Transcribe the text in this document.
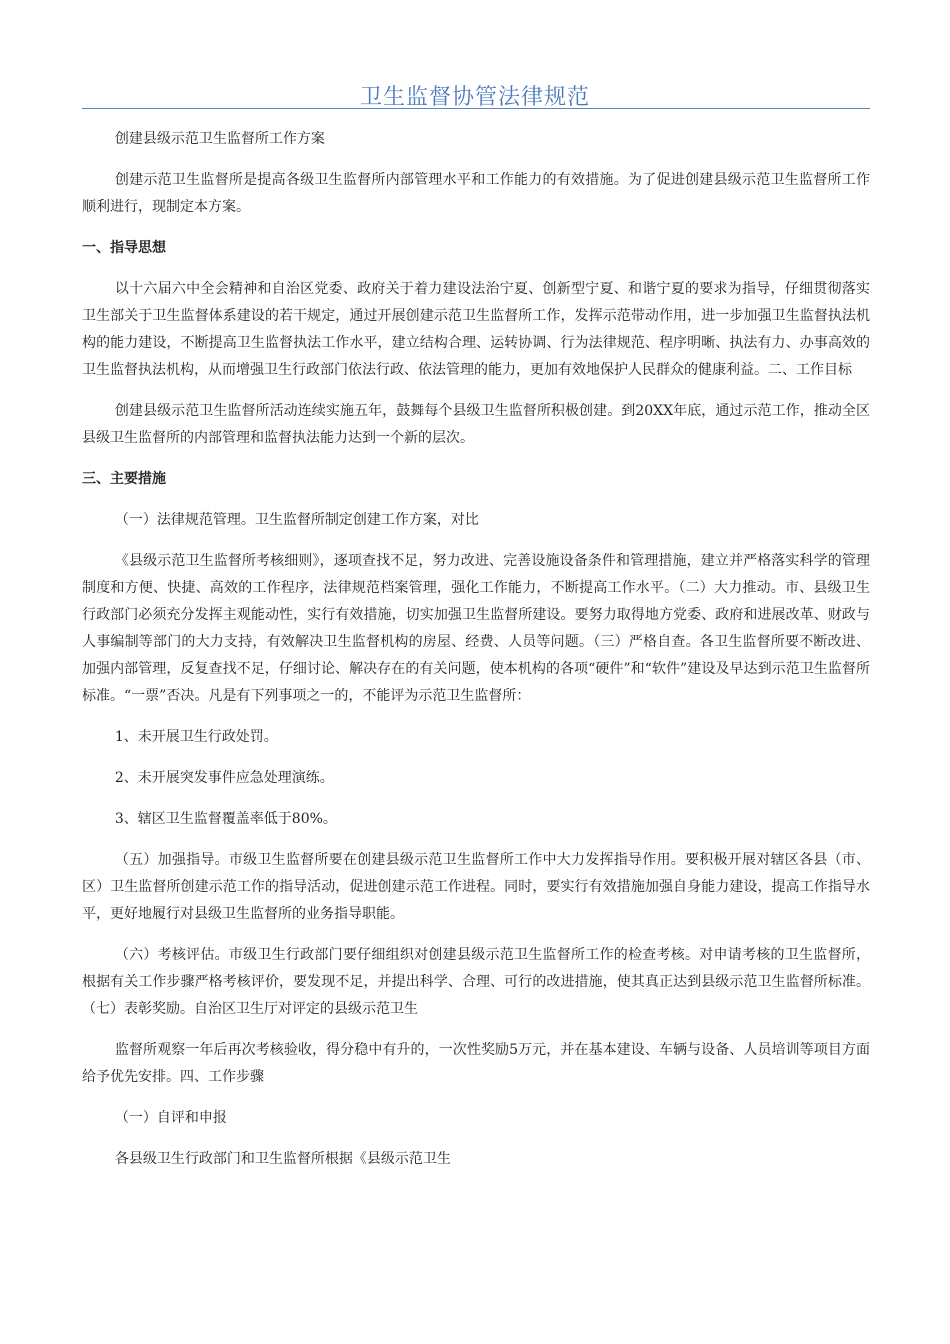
卫生监督协管法律规范

创建县级示范卫生监督所工作方案

创建示范卫生监督所是提高各级卫生监督所内部管理水平和工作能力的有效措施。为了促进创建县级示范卫生监督所工作顺利进行，现制定本方案。

一、指导思想

以十六届六中全会精神和自治区党委、政府关于着力建设法治宁夏、创新型宁夏、和谐宁夏的要求为指导，仔细贯彻落实卫生部关于卫生监督体系建设的若干规定，通过开展创建示范卫生监督所工作，发挥示范带动作用，进一步加强卫生监督执法机构的能力建设，不断提高卫生监督执法工作水平，建立结构合理、运转协调、行为法律规范、程序明晰、执法有力、办事高效的卫生监督执法机构，从而增强卫生行政部门依法行政、依法管理的能力，更加有效地保护人民群众的健康利益。二、工作目标

创建县级示范卫生监督所活动连续实施五年，鼓舞每个县级卫生监督所积极创建。到20XX年底，通过示范工作，推动全区县级卫生监督所的内部管理和监督执法能力达到一个新的层次。

三、主要措施

（一）法律规范管理。卫生监督所制定创建工作方案，对比

《县级示范卫生监督所考核细则》，逐项查找不足，努力改进、完善设施设备条件和管理措施，建立并严格落实科学的管理制度和方便、快捷、高效的工作程序，法律规范档案管理，强化工作能力，不断提高工作水平。（二）大力推动。市、县级卫生行政部门必须充分发挥主观能动性，实行有效措施，切实加强卫生监督所建设。要努力取得地方党委、政府和进展改革、财政与人事编制等部门的大力支持，有效解决卫生监督机构的房屋、经费、人员等问题。（三）严格自查。各卫生监督所要不断改进、加强内部管理，反复查找不足，仔细讨论、解决存在的有关问题，使本机构的各项“硬件”和“软件”建设及早达到示范卫生监督所标准。“一票”否决。凡是有下列事项之一的，不能评为示范卫生监督所：

1、未开展卫生行政处罚。

2、未开展突发事件应急处理演练。

3、辖区卫生监督覆盖率低于80%。

（五）加强指导。市级卫生监督所要在创建县级示范卫生监督所工作中大力发挥指导作用。要积极开展对辖区各县（市、区）卫生监督所创建示范工作的指导活动，促进创建示范工作进程。同时，要实行有效措施加强自身能力建设，提高工作指导水平，更好地履行对县级卫生监督所的业务指导职能。

（六）考核评估。市级卫生行政部门要仔细组织对创建县级示范卫生监督所工作的检查考核。对申请考核的卫生监督所，根据有关工作步骤严格考核评价，要发现不足，并提出科学、合理、可行的改进措施，使其真正达到县级示范卫生监督所标准。（七）表彰奖励。自治区卫生厅对评定的县级示范卫生

监督所观察一年后再次考核验收，得分稳中有升的，一次性奖励5万元，并在基本建设、车辆与设备、人员培训等项目方面给予优先安排。四、工作步骤

（一）自评和申报

各县级卫生行政部门和卫生监督所根据《县级示范卫生
